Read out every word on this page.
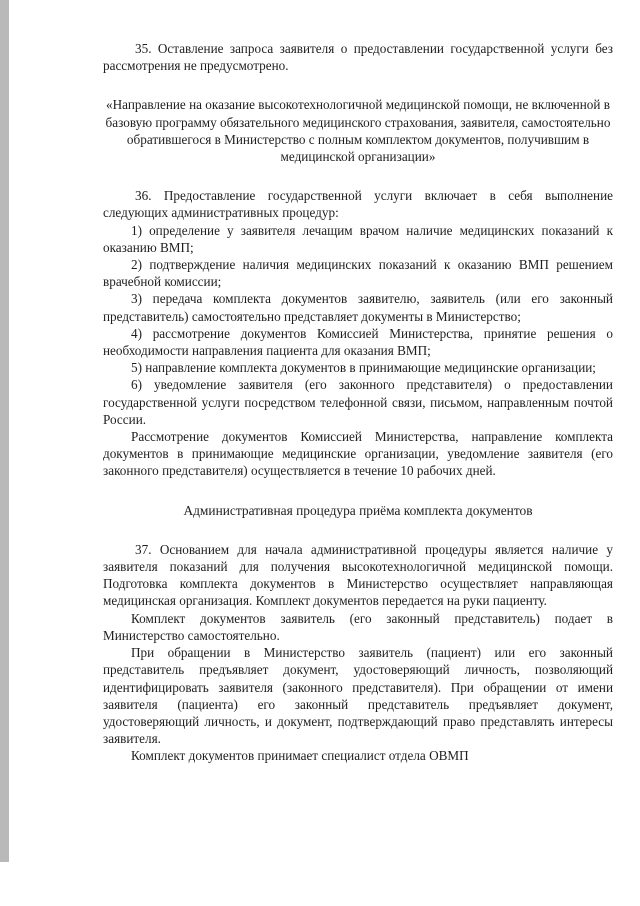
35. Оставление запроса заявителя о предоставлении государственной услуги без рассмотрения не предусмотрено.

«Направление на оказание высокотехнологичной медицинской помощи, не включенной в базовую программу обязательного медицинского страхования, заявителя, самостоятельно обратившегося в Министерство с полным комплектом документов, получившим в медицинской организации»

36. Предоставление государственной услуги включает в себя выполнение следующих административных процедур:

1) определение у заявителя лечащим врачом наличие медицинских показаний к оказанию ВМП;

2) подтверждение наличия медицинских показаний к оказанию ВМП решением врачебной комиссии;

3) передача комплекта документов заявителю, заявитель (или его законный представитель) самостоятельно представляет документы в Министерство;

4) рассмотрение документов Комиссией Министерства, принятие решения о необходимости направления пациента для оказания ВМП;

5) направление комплекта документов в принимающие медицинские организации;

6) уведомление заявителя (его законного представителя) о предоставлении государственной услуги посредством телефонной связи, письмом, направленным почтой России.

Рассмотрение документов Комиссией Министерства, направление комплекта документов в принимающие медицинские организации, уведомление заявителя (его законного представителя) осуществляется в течение 10 рабочих дней.

Административная процедура приёма комплекта документов

37. Основанием для начала административной процедуры является наличие у заявителя показаний для получения высокотехнологичной медицинской помощи. Подготовка комплекта документов в Министерство осуществляет направляющая медицинская организация. Комплект документов передается на руки пациенту.

Комплект документов заявитель (его законный представитель) подает в Министерство самостоятельно.

При обращении в Министерство заявитель (пациент) или его законный представитель предъявляет документ, удостоверяющий личность, позволяющий идентифицировать заявителя (законного представителя). При обращении от имени заявителя (пациента) его законный представитель предъявляет документ, удостоверяющий личность, и документ, подтверждающий право представлять интересы заявителя.

Комплект документов принимает специалист отдела ОВМП
